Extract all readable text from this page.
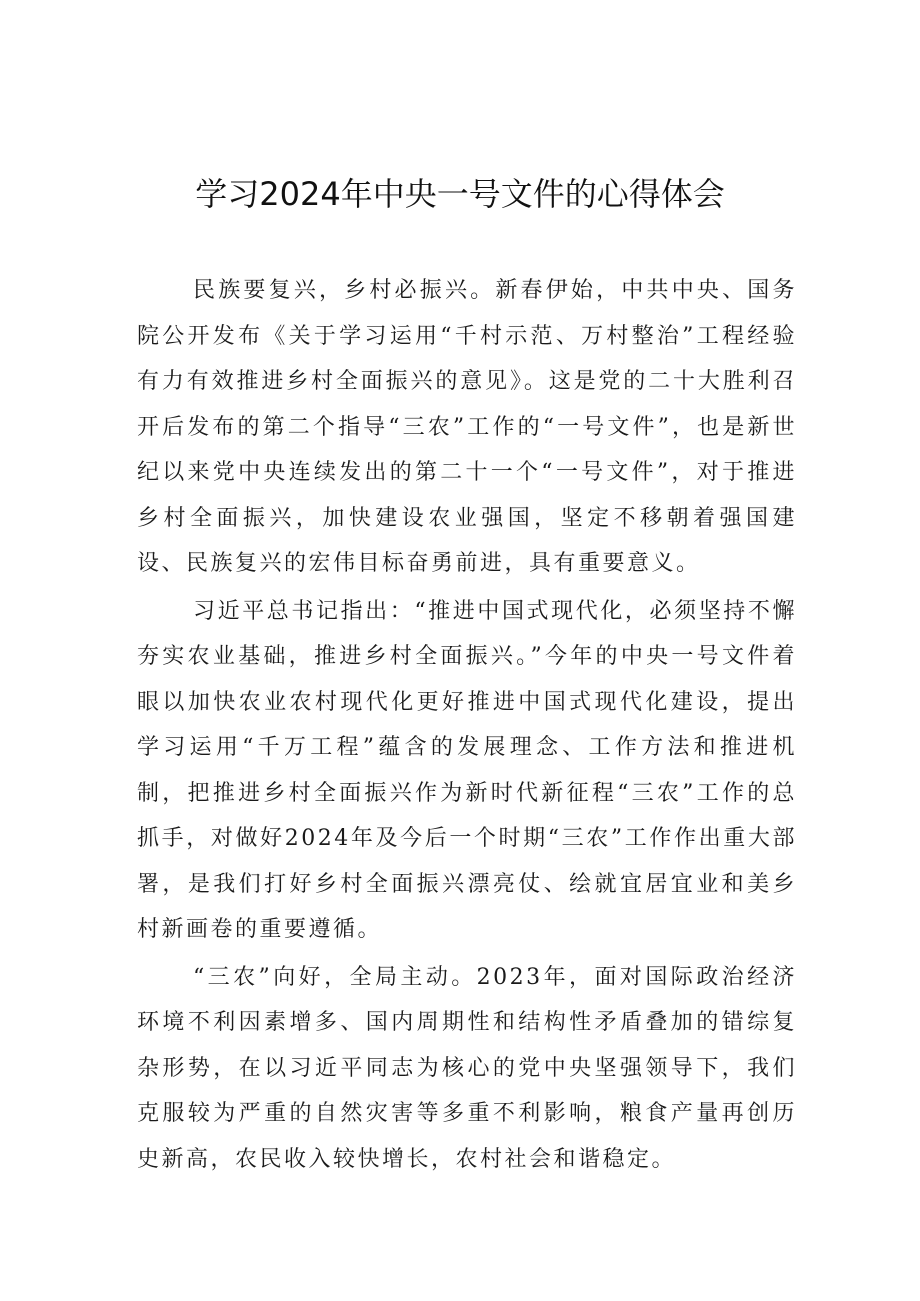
学习2024年中央一号文件的心得体会

民族要复兴，乡村必振兴。新春伊始，中共中央、国务院公开发布《关于学习运用“千村示范、万村整治”工程经验有力有效推进乡村全面振兴的意见》。这是党的二十大胜利召开后发布的第二个指导“三农”工作的“一号文件”，也是新世纪以来党中央连续发出的第二十一个“一号文件”，对于推进乡村全面振兴，加快建设农业强国，坚定不移朝着强国建设、民族复兴的宏伟目标奋勇前进，具有重要意义。

习近平总书记指出：“推进中国式现代化，必须坚持不懈夯实农业基础，推进乡村全面振兴。”今年的中央一号文件着眼以加快农业农村现代化更好推进中国式现代化建设，提出学习运用“千万工程”蕴含的发展理念、工作方法和推进机制，把推进乡村全面振兴作为新时代新征程“三农”工作的总抓手，对做好2024年及今后一个时期“三农”工作作出重大部署，是我们打好乡村全面振兴漂亮仗、绘就宜居宜业和美乡村新画卷的重要遵循。

“三农”向好，全局主动。2023年，面对国际政治经济环境不利因素增多、国内周期性和结构性矛盾叠加的错综复杂形势，在以习近平同志为核心的党中央坚强领导下，我们克服较为严重的自然灾害等多重不利影响，粮食产量再创历史新高，农民收入较快增长，农村社会和谐稳定。
